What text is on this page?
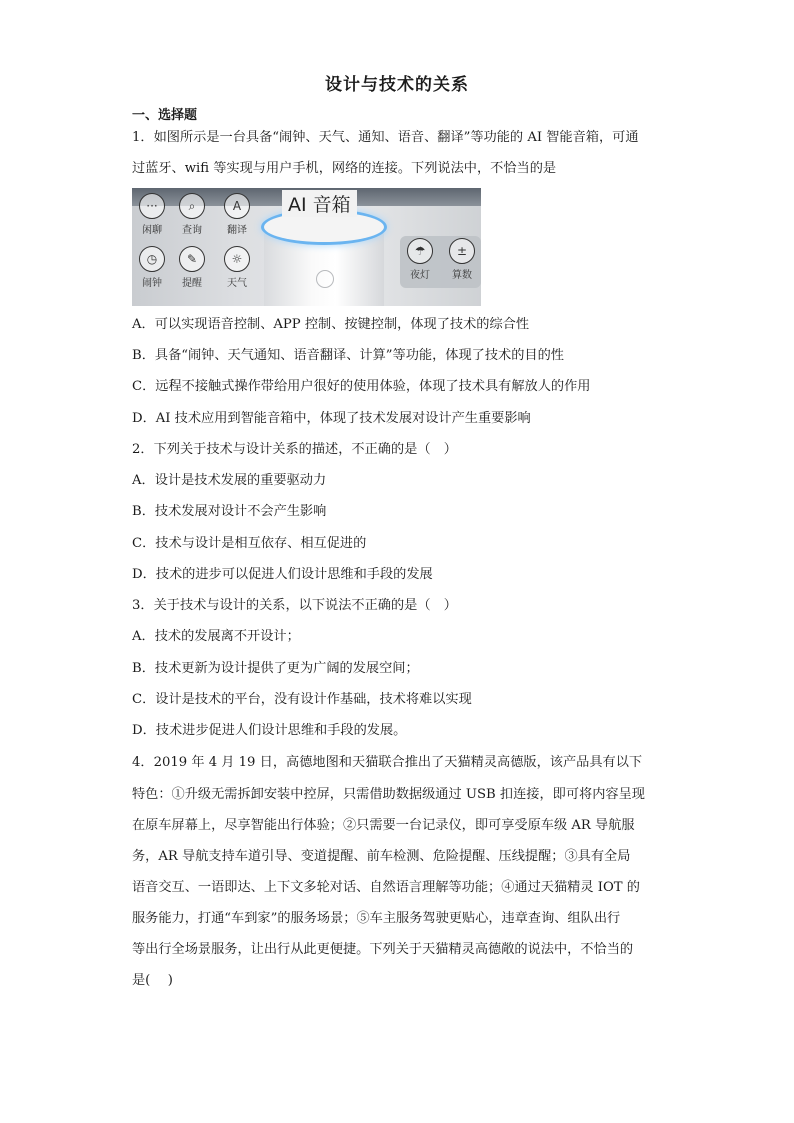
设计与技术的关系
一、选择题
1．如图所示是一台具备“闹钟、天气、通知、语音、翻译”等功能的 AI 智能音箱，可通
过蓝牙、wifi 等实现与用户手机，网络的连接。下列说法中，不恰当的是
···
闲聊
⌕
查询
A
翻译
◷
闹钟
✎
提醒
☼
天气
AI 音箱
☂
夜灯
±
算数
A．可以实现语音控制、APP 控制、按键控制，体现了技术的综合性
B．具备“闹钟、天气通知、语音翻译、计算”等功能，体现了技术的目的性
C．远程不接触式操作带给用户很好的使用体验，体现了技术具有解放人的作用
D．AI 技术应用到智能音箱中，体现了技术发展对设计产生重要影响
2．下列关于技术与设计关系的描述，不正确的是（　）
A．设计是技术发展的重要驱动力
B．技术发展对设计不会产生影响
C．技术与设计是相互依存、相互促进的
D．技术的进步可以促进人们设计思维和手段的发展
3．关于技术与设计的关系，以下说法不正确的是（　）
A．技术的发展离不开设计；
B．技术更新为设计提供了更为广阔的发展空间；
C．设计是技术的平台，没有设计作基础，技术将难以实现
D．技术进步促进人们设计思维和手段的发展。
4．2019 年 4 月 19 日，高德地图和天猫联合推出了天猫精灵高德版，该产品具有以下
特色：①升级无需拆卸安装中控屏，只需借助数据级通过 USB 扣连接，即可将内容呈现
在原车屏幕上，尽享智能出行体验；②只需要一台记录仪，即可享受原车级 AR 导航服
务，AR 导航支持车道引导、变道提醒、前车检测、危险提醒、压线提醒；③具有全局
语音交互、一语即达、上下文多轮对话、自然语言理解等功能；④通过天猫精灵 IOT 的
服务能力，打通“车到家”的服务场景；⑤车主服务驾驶更贴心，违章查询、组队出行
等出行全场景服务，让出行从此更便捷。下列关于天猫精灵高德敞的说法中，不恰当的
是(　 )
